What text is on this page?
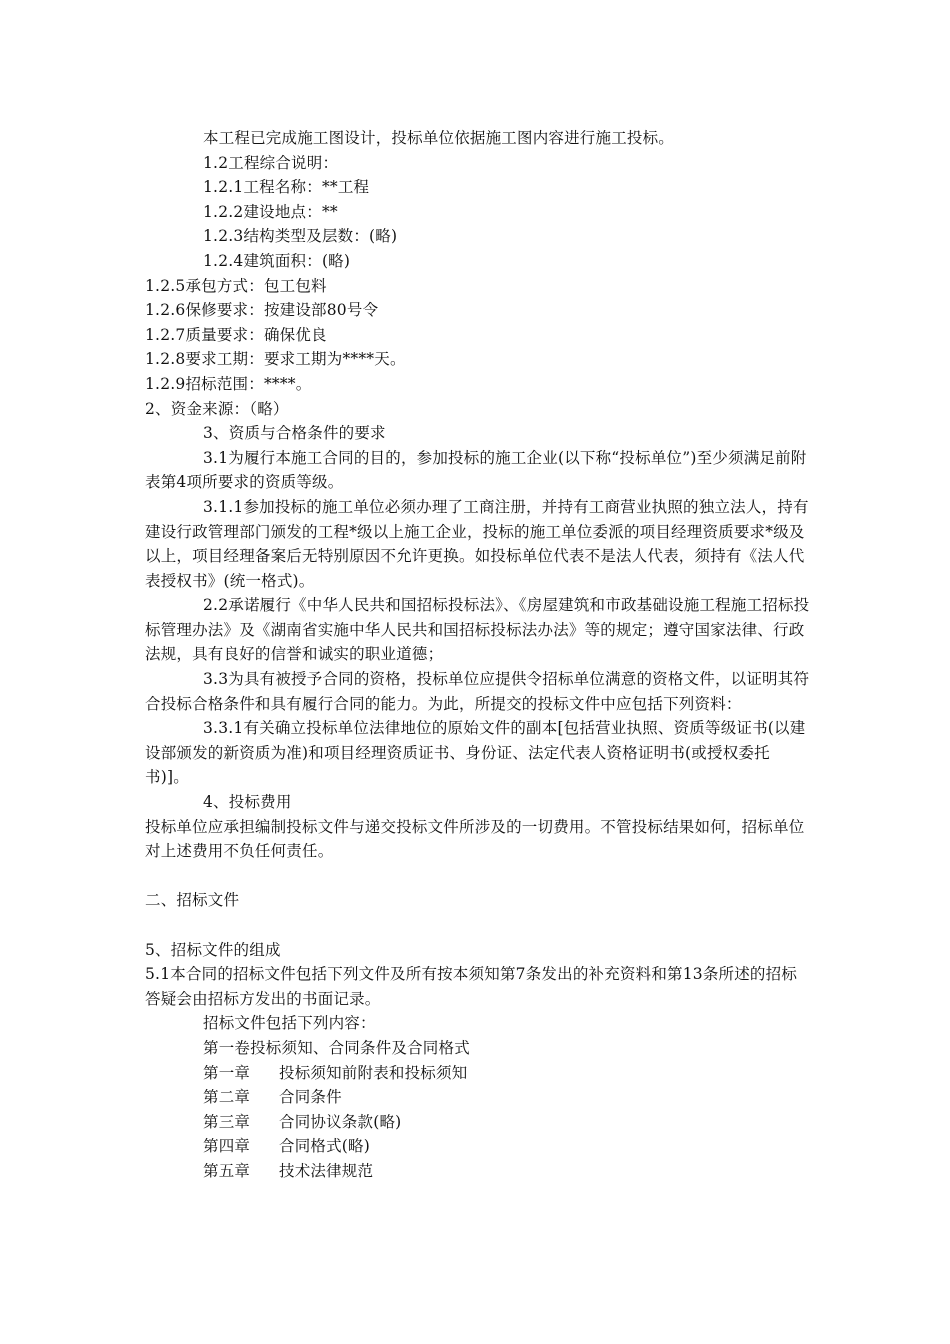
本工程已完成施工图设计，投标单位依据施工图内容进行施工投标。

1.2工程综合说明：

1.2.1工程名称：**工程

1.2.2建设地点：**

1.2.3结构类型及层数：(略)

1.2.4建筑面积：(略)

1.2.5承包方式：包工包料

1.2.6保修要求：按建设部80号令

1.2.7质量要求：确保优良

1.2.8要求工期：要求工期为****天。

1.2.9招标范围：****。

2、资金来源：（略）

3、资质与合格条件的要求

3.1为履行本施工合同的目的，参加投标的施工企业(以下称“投标单位”)至少须满足前附表第4项所要求的资质等级。

3.1.1参加投标的施工单位必须办理了工商注册，并持有工商营业执照的独立法人，持有建设行政管理部门颁发的工程*级以上施工企业，投标的施工单位委派的项目经理资质要求*级及以上，项目经理备案后无特别原因不允许更换。如投标单位代表不是法人代表，须持有《法人代表授权书》(统一格式)。

2.2承诺履行《中华人民共和国招标投标法》、《房屋建筑和市政基础设施工程施工招标投标管理办法》及《湖南省实施中华人民共和国招标投标法办法》等的规定；遵守国家法律、行政法规，具有良好的信誉和诚实的职业道德；

3.3为具有被授予合同的资格，投标单位应提供令招标单位满意的资格文件，以证明其符合投标合格条件和具有履行合同的能力。为此，所提交的投标文件中应包括下列资料：

3.3.1有关确立投标单位法律地位的原始文件的副本[包括营业执照、资质等级证书(以建设部颁发的新资质为准)和项目经理资质证书、身份证、法定代表人资格证明书(或授权委托书)]。

4、投标费用

投标单位应承担编制投标文件与递交投标文件所涉及的一切费用。不管投标结果如何，招标单位对上述费用不负任何责任。

二、招标文件

5、招标文件的组成

5.1本合同的招标文件包括下列文件及所有按本须知第7条发出的补充资料和第13条所述的招标答疑会由招标方发出的书面记录。

招标文件包括下列内容：

第一卷投标须知、合同条件及合同格式

第一章	投标须知前附表和投标须知
第二章	合同条件
第三章	合同协议条款(略)
第四章	合同格式(略)
第五章	技术法律规范
